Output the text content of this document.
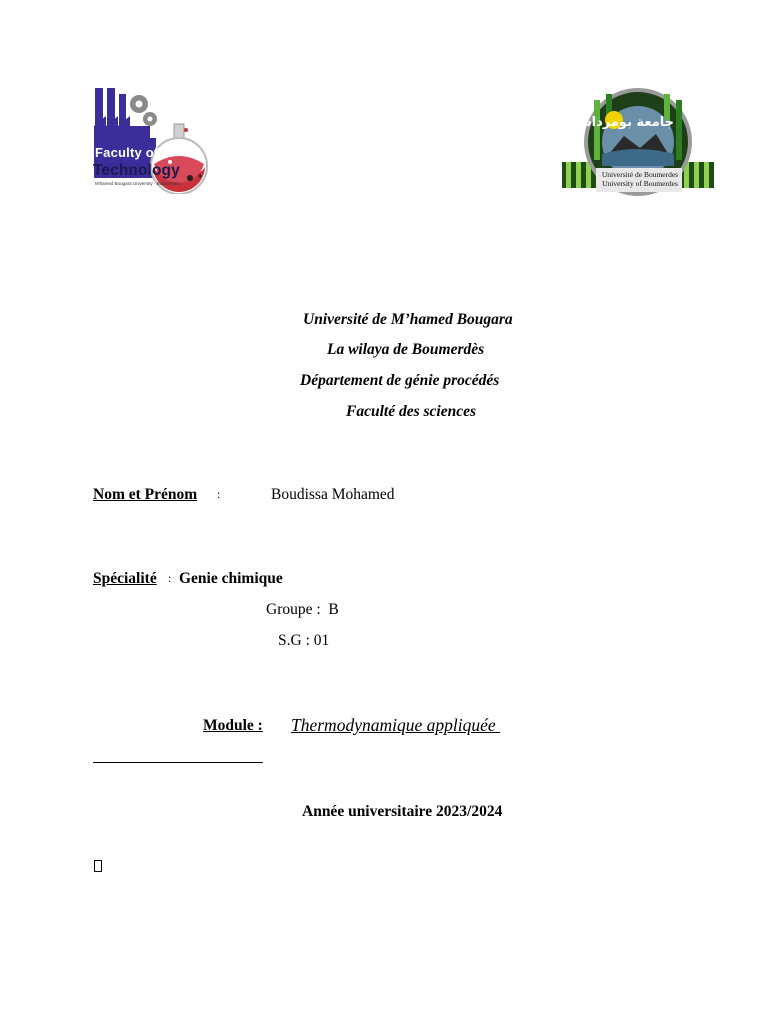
Faculty of
Technology
M'hamed Bougara University - Boumerdes
جامعة بومرداس
Université de Boumerdes
University of Boumerdes
Université de M’hamed Bougara
La wilaya de Boumerdès
Département de génie procédés
Faculté des sciences
Nom et Prénom :	Boudissa Mohamed
Spécialité : Genie chimique
Groupe :  B
S.G : 01
Module : Thermodynamique appliquée
Année universitaire 2023/2024
